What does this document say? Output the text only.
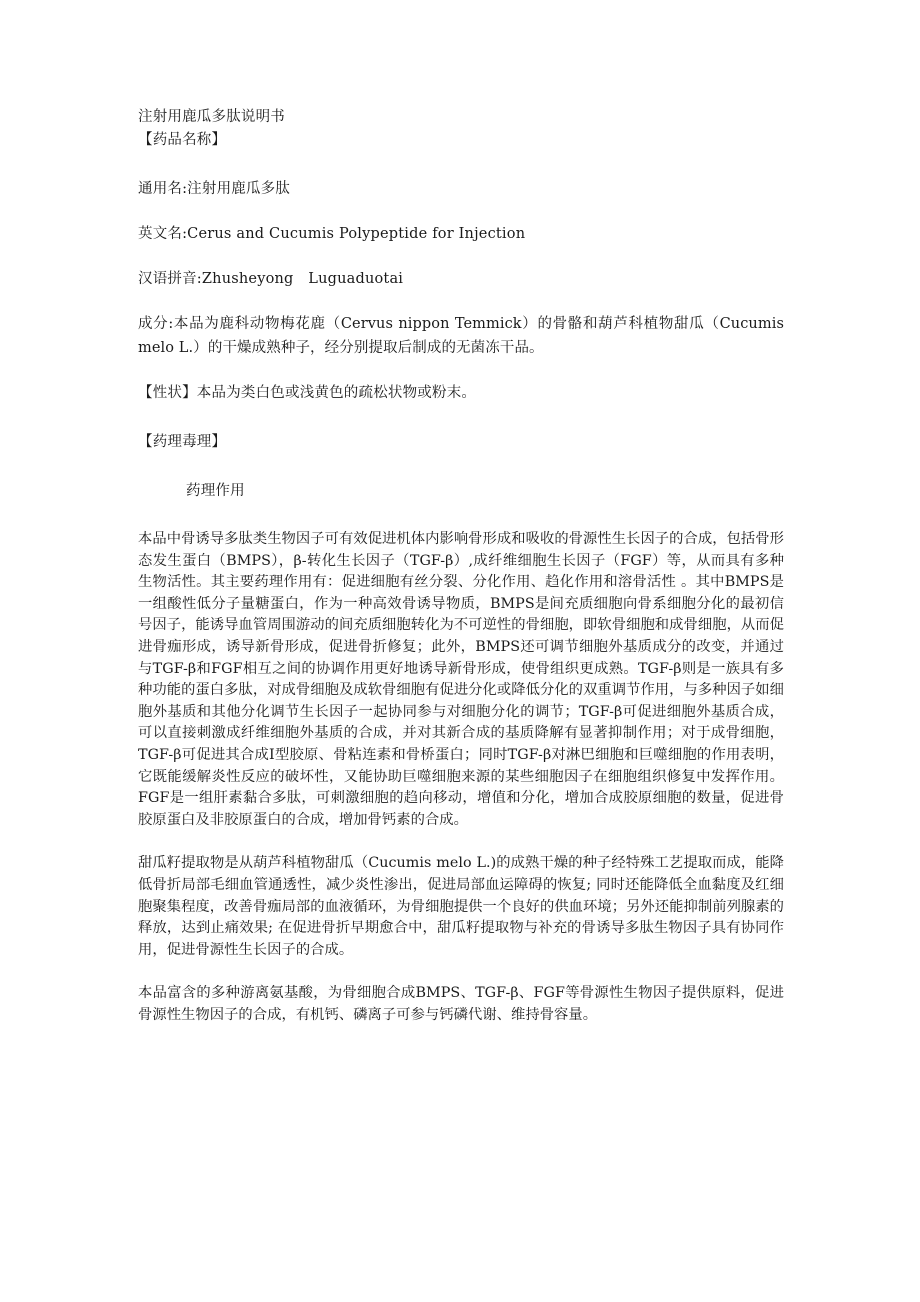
注射用鹿瓜多肽说明书
【药品名称】
通用名:注射用鹿瓜多肽
英文名:Cerus and Cucumis Polypeptide for Injection
汉语拼音:Zhusheyong　Luguaduotai
成分:本品为鹿科动物梅花鹿（Cervus nippon Temmick）的骨骼和葫芦科植物甜瓜（Cucumis melo L.）的干燥成熟种子，经分别提取后制成的无菌冻干品。
【性状】本品为类白色或浅黄色的疏松状物或粉末。
【药理毒理】
药理作用
本品中骨诱导多肽类生物因子可有效促进机体内影响骨形成和吸收的骨源性生长因子的合成，包括骨形态发生蛋白（BMPS），β-转化生长因子（TGF-β）,成纤维细胞生长因子（FGF）等，从而具有多种生物活性。其主要药理作用有：促进细胞有丝分裂、分化作用、趋化作用和溶骨活性 。其中BMPS是一组酸性低分子量糖蛋白，作为一种高效骨诱导物质，BMPS是间充质细胞向骨系细胞分化的最初信号因子，能诱导血管周围游动的间充质细胞转化为不可逆性的骨细胞，即软骨细胞和成骨细胞，从而促进骨痂形成，诱导新骨形成，促进骨折修复；此外，BMPS还可调节细胞外基质成分的改变，并通过与TGF-β和FGF相互之间的协调作用更好地诱导新骨形成，使骨组织更成熟。TGF-β则是一族具有多种功能的蛋白多肽，对成骨细胞及成软骨细胞有促进分化或降低分化的双重调节作用，与多种因子如细胞外基质和其他分化调节生长因子一起协同参与对细胞分化的调节；TGF-β可促进细胞外基质合成，可以直接刺激成纤维细胞外基质的合成，并对其新合成的基质降解有显著抑制作用；对于成骨细胞，TGF-β可促进其合成Ⅰ型胶原、骨粘连素和骨桥蛋白；同时TGF-β对淋巴细胞和巨噬细胞的作用表明，它既能缓解炎性反应的破坏性，又能协助巨噬细胞来源的某些细胞因子在细胞组织修复中发挥作用。FGF是一组肝素黏合多肽，可刺激细胞的趋向移动，增值和分化，增加合成胶原细胞的数量，促进骨胶原蛋白及非胶原蛋白的合成，增加骨钙素的合成。
甜瓜籽提取物是从葫芦科植物甜瓜（Cucumis melo L.)的成熟干燥的种子经特殊工艺提取而成，能降低骨折局部毛细血管通透性，减少炎性渗出，促进局部血运障碍的恢复; 同时还能降低全血黏度及红细胞聚集程度，改善骨痂局部的血液循环，为骨细胞提供一个良好的供血环境；另外还能抑制前列腺素的释放，达到止痛效果; 在促进骨折早期愈合中，甜瓜籽提取物与补充的骨诱导多肽生物因子具有协同作用，促进骨源性生长因子的合成。
本品富含的多种游离氨基酸，为骨细胞合成BMPS、TGF-β、FGF等骨源性生物因子提供原料，促进骨源性生物因子的合成，有机钙、磷离子可参与钙磷代谢、维持骨容量。
